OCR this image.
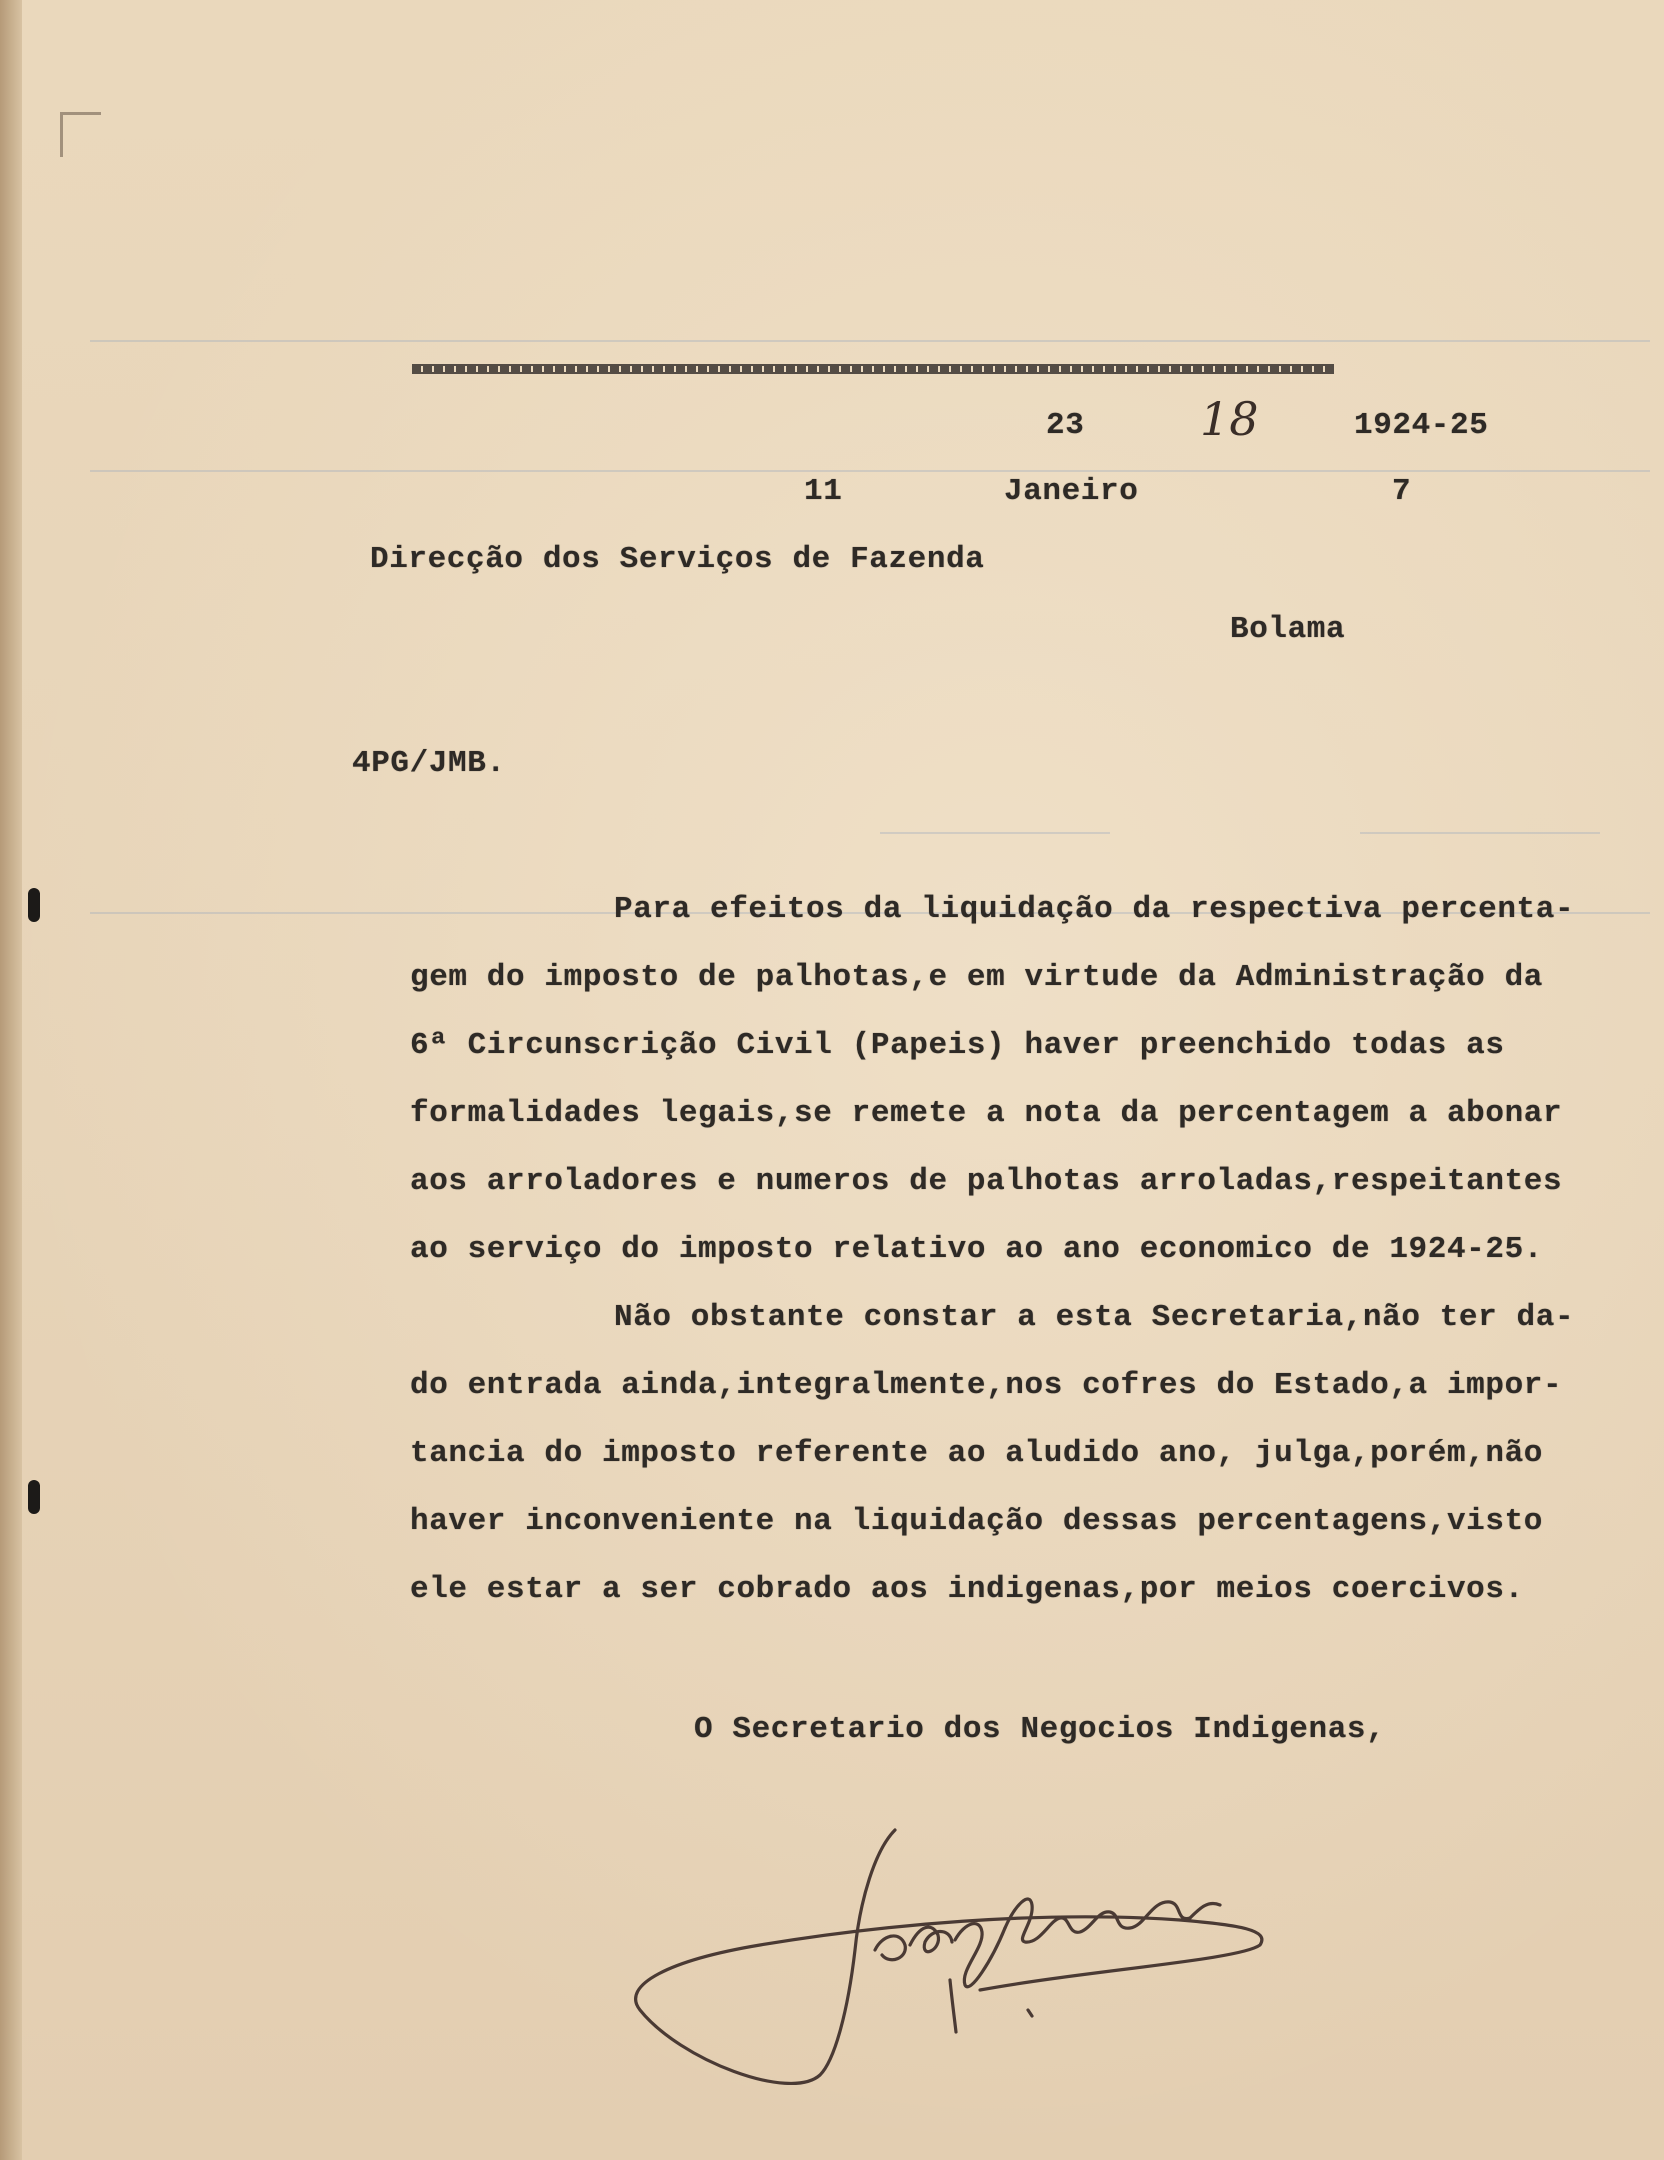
23	18	1924-25
11	Janeiro	7
Direcção dos Serviços de Fazenda
Bolama
4PG/JMB.
Para efeitos da liquidação da respectiva percenta-
gem do imposto de palhotas,e em virtude da Administração da
6ª Circunscrição Civil (Papeis) haver preenchido todas as
formalidades legais,se remete a nota da percentagem a abonar
aos arroladores e numeros de palhotas arroladas,respeitantes
ao serviço do imposto relativo ao ano economico de 1924-25.
Não obstante constar a esta Secretaria,não ter da-
do entrada ainda,integralmente,nos cofres do Estado,a impor-
tancia do imposto referente ao aludido ano, julga,porém,não
haver inconveniente na liquidação dessas percentagens,visto
ele estar a ser cobrado aos indigenas,por meios coercivos.
O Secretario dos Negocios Indigenas,
